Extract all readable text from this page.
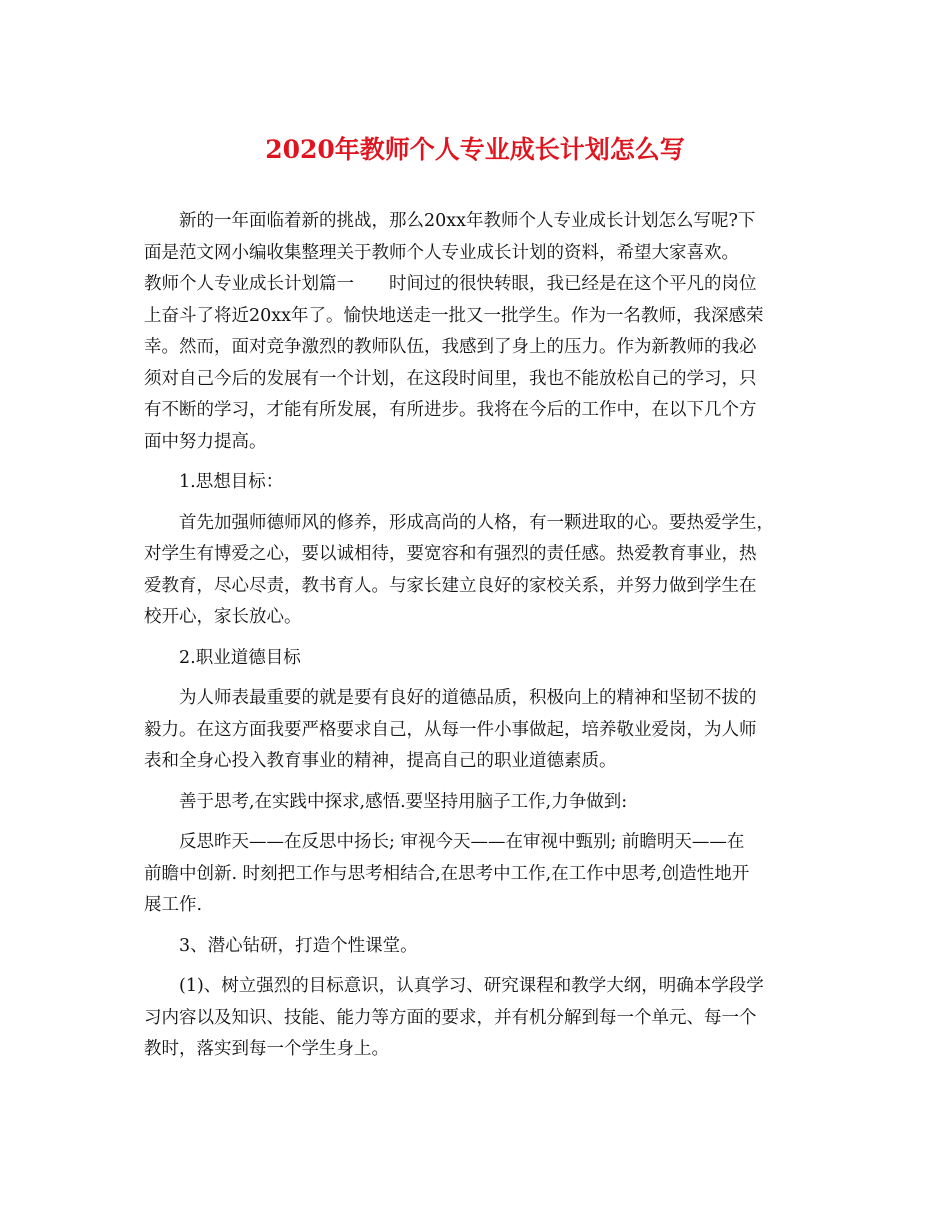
2020年教师个人专业成长计划怎么写
新的一年面临着新的挑战，那么20xx年教师个人专业成长计划怎么写呢?下
面是范文网小编收集整理关于教师个人专业成长计划的资料，希望大家喜欢。
教师个人专业成长计划篇一　　时间过的很快转眼，我已经是在这个平凡的岗位
上奋斗了将近20xx年了。愉快地送走一批又一批学生。作为一名教师，我深感荣
幸。然而，面对竞争激烈的教师队伍，我感到了身上的压力。作为新教师的我必
须对自己今后的发展有一个计划，在这段时间里，我也不能放松自己的学习，只
有不断的学习，才能有所发展，有所进步。我将在今后的工作中，在以下几个方
面中努力提高。
1.思想目标：
首先加强师德师风的修养，形成高尚的人格，有一颗进取的心。要热爱学生，
对学生有博爱之心，要以诚相待，要宽容和有强烈的责任感。热爱教育事业，热
爱教育，尽心尽责，教书育人。与家长建立良好的家校关系，并努力做到学生在
校开心，家长放心。
2.职业道德目标
为人师表最重要的就是要有良好的道德品质，积极向上的精神和坚韧不拔的
毅力。在这方面我要严格要求自己，从每一件小事做起，培养敬业爱岗，为人师
表和全身心投入教育事业的精神，提高自己的职业道德素质。
善于思考,在实践中探求,感悟.要坚持用脑子工作,力争做到:
反思昨天——在反思中扬长; 审视今天——在审视中甄别; 前瞻明天——在
前瞻中创新. 时刻把工作与思考相结合,在思考中工作,在工作中思考,创造性地开
展工作.
3、潜心钻研，打造个性课堂。
(1)、树立强烈的目标意识，认真学习、研究课程和教学大纲，明确本学段学
习内容以及知识、技能、能力等方面的要求，并有机分解到每一个单元、每一个
教时，落实到每一个学生身上。
